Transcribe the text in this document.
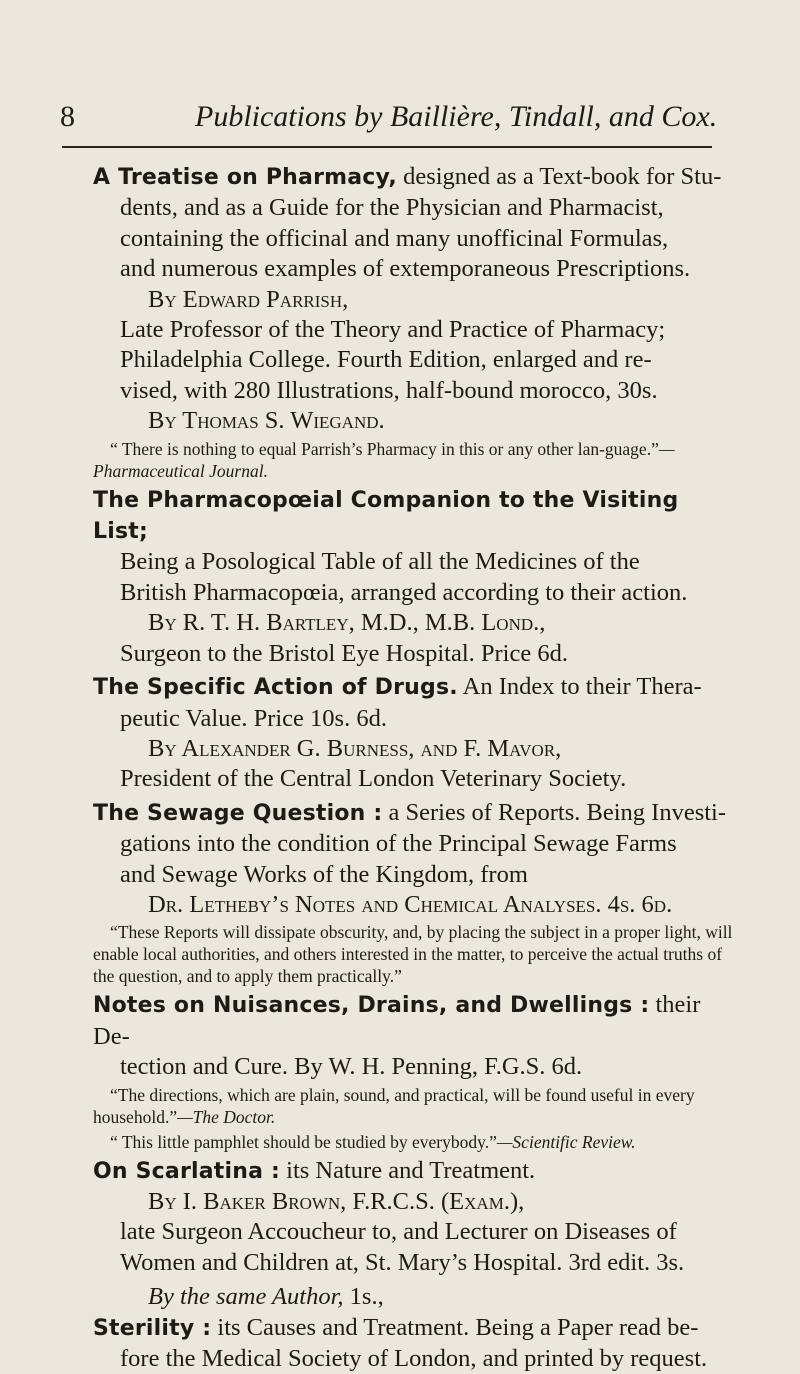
8	Publications by Baillière, Tindall, and Cox.
A Treatise on Pharmacy, designed as a Text-book for Stu-
dents, and as a Guide for the Physician and Pharmacist,
containing the officinal and many unofficinal Formulas,
and numerous examples of extemporaneous Prescriptions.
By Edward Parrish,
Late Professor of the Theory and Practice of Pharmacy;
Philadelphia College. Fourth Edition, enlarged and re-
vised, with 280 Illustrations, half-bound morocco, 30s.
By Thomas S. Wiegand.
“ There is nothing to equal Parrish’s Pharmacy in this or any other lan-guage.”—Pharmaceutical Journal.
The Pharmacopœial Companion to the Visiting List;
Being a Posological Table of all the Medicines of the
British Pharmacopœia, arranged according to their action.
By R. T. H. Bartley, M.D., M.B. Lond.,
Surgeon to the Bristol Eye Hospital. Price 6d.
The Specific Action of Drugs. An Index to their Thera-
peutic Value. Price 10s. 6d.
By Alexander G. Burness, and F. Mavor,
President of the Central London Veterinary Society.
The Sewage Question : a Series of Reports. Being Investi-
gations into the condition of the Principal Sewage Farms
and Sewage Works of the Kingdom, from
Dr. Letheby’s Notes and Chemical Analyses. 4s. 6d.
“These Reports will dissipate obscurity, and, by placing the subject in a proper light, will enable local authorities, and others interested in the matter, to perceive the actual truths of the question, and to apply them practically.”
Notes on Nuisances, Drains, and Dwellings : their De-
tection and Cure. By W. H. Penning, F.G.S. 6d.
“The directions, which are plain, sound, and practical, will be found useful in every household.”—The Doctor.
“ This little pamphlet should be studied by everybody.”—Scientific Review.
On Scarlatina : its Nature and Treatment.
By I. Baker Brown, F.R.C.S. (Exam.),
late Surgeon Accoucheur to, and Lecturer on Diseases of
Women and Children at, St. Mary’s Hospital. 3rd edit. 3s.
By the same Author, 1s.,
Sterility : its Causes and Treatment. Being a Paper read be-
fore the Medical Society of London, and printed by request.
